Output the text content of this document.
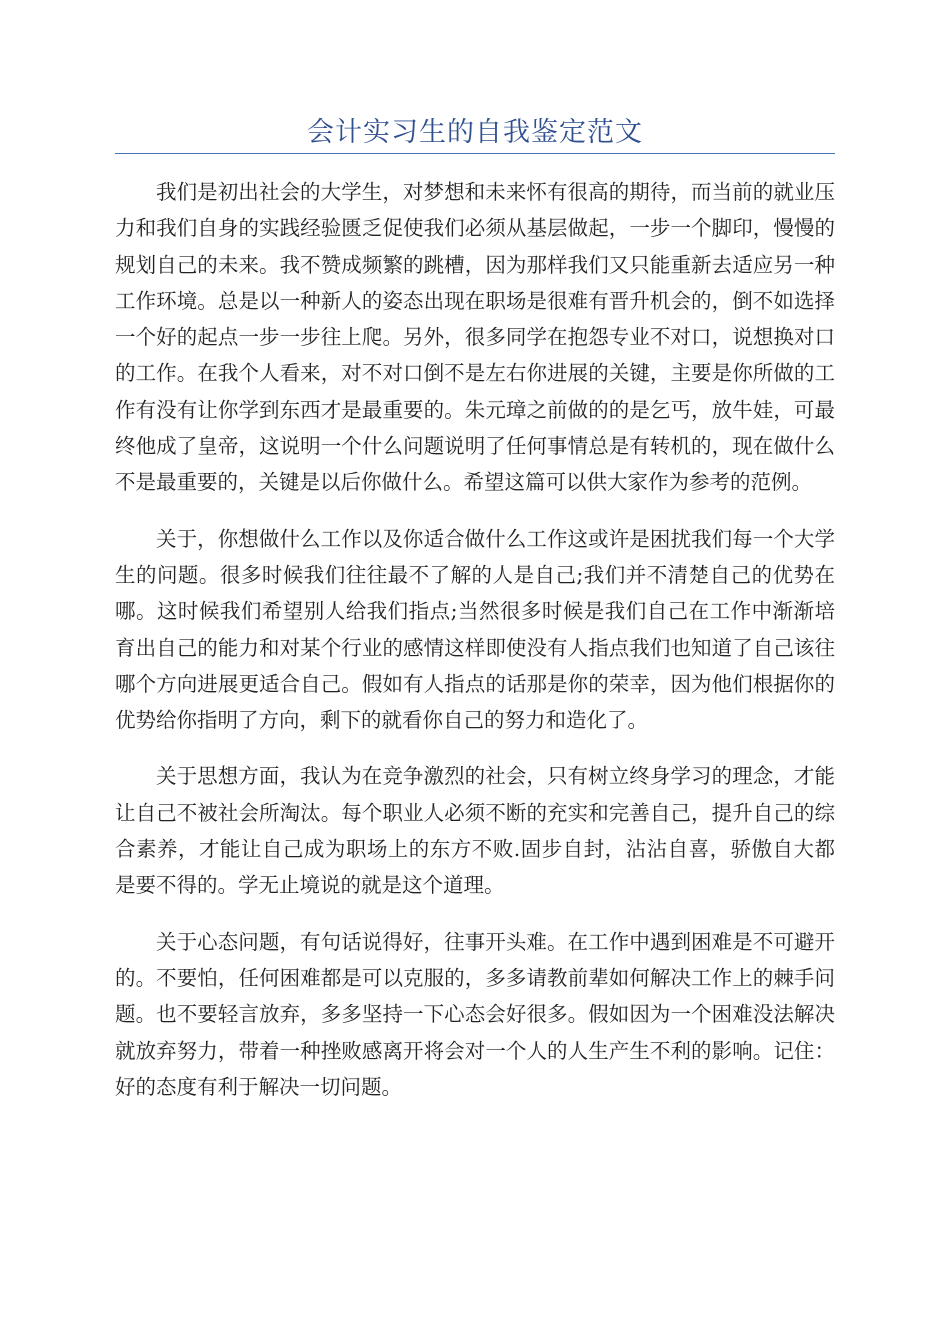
会计实习生的自我鉴定范文

我们是初出社会的大学生，对梦想和未来怀有很高的期待，而当前的就业压力和我们自身的实践经验匮乏促使我们必须从基层做起，一步一个脚印，慢慢的规划自己的未来。我不赞成频繁的跳槽，因为那样我们又只能重新去适应另一种工作环境。总是以一种新人的姿态出现在职场是很难有晋升机会的，倒不如选择一个好的起点一步一步往上爬。另外，很多同学在抱怨专业不对口，说想换对口的工作。在我个人看来，对不对口倒不是左右你进展的关键，主要是你所做的工作有没有让你学到东西才是最重要的。朱元璋之前做的的是乞丐，放牛娃，可最终他成了皇帝，这说明一个什么问题说明了任何事情总是有转机的，现在做什么不是最重要的，关键是以后你做什么。希望这篇可以供大家作为参考的范例。

关于，你想做什么工作以及你适合做什么工作这或许是困扰我们每一个大学生的问题。很多时候我们往往最不了解的人是自己;我们并不清楚自己的优势在哪。这时候我们希望别人给我们指点;当然很多时候是我们自己在工作中渐渐培育出自己的能力和对某个行业的感情这样即使没有人指点我们也知道了自己该往哪个方向进展更适合自己。假如有人指点的话那是你的荣幸，因为他们根据你的优势给你指明了方向，剩下的就看你自己的努力和造化了。

关于思想方面，我认为在竞争激烈的社会，只有树立终身学习的理念，才能让自己不被社会所淘汰。每个职业人必须不断的充实和完善自己，提升自己的综合素养，才能让自己成为职场上的东方不败.固步自封，沾沾自喜，骄傲自大都是要不得的。学无止境说的就是这个道理。

关于心态问题，有句话说得好，往事开头难。在工作中遇到困难是不可避开的。不要怕，任何困难都是可以克服的，多多请教前辈如何解决工作上的棘手问题。也不要轻言放弃，多多坚持一下心态会好很多。假如因为一个困难没法解决就放弃努力，带着一种挫败感离开将会对一个人的人生产生不利的影响。记住：好的态度有利于解决一切问题。
